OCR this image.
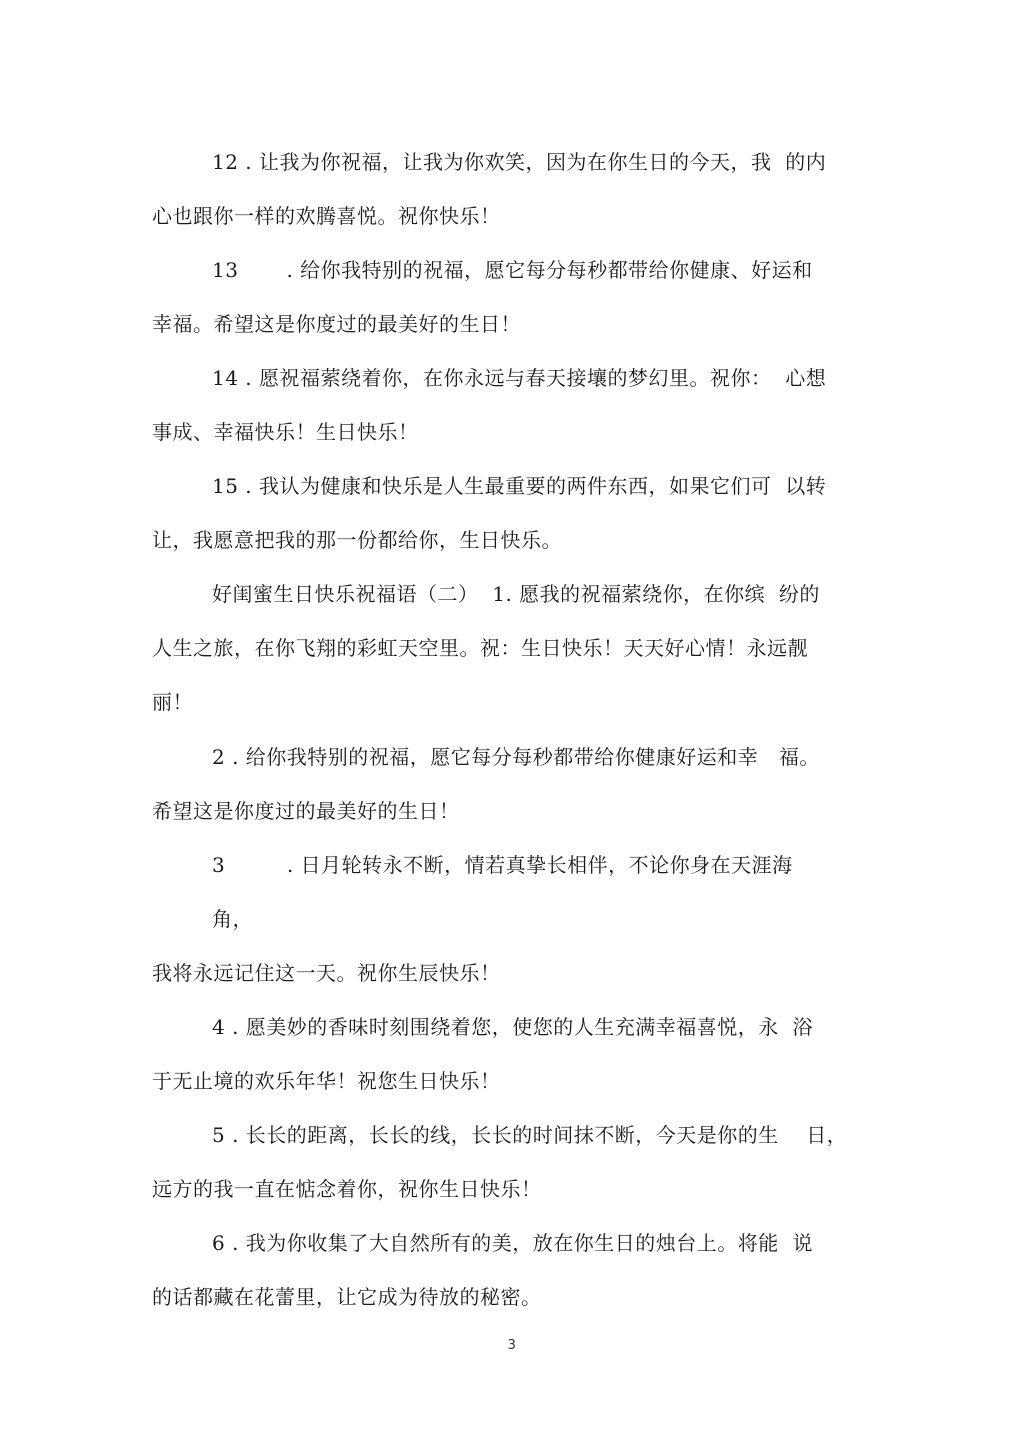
12 . 让我为你祝福，让我为你欢笑，因为在你生日的今天，我  的内
心也跟你一样的欢腾喜悦。祝你快乐！
13       . 给你我特别的祝福，愿它每分每秒都带给你健康、好运和
幸福。希望这是你度过的最美好的生日！
14 . 愿祝福萦绕着你，在你永远与春天接壤的梦幻里。祝你：  心想
事成、幸福快乐！生日快乐！
15 . 我认为健康和快乐是人生最重要的两件东西，如果它们可  以转
让，我愿意把我的那一份都给你，生日快乐。
好闺蜜生日快乐祝福语（二）  1. 愿我的祝福萦绕你，在你缤  纷的
人生之旅，在你飞翔的彩虹天空里。祝：生日快乐！天天好心情！永远靓
丽！
2 . 给你我特别的祝福，愿它每分每秒都带给你健康好运和幸   福。
希望这是你度过的最美好的生日！
3         . 日月轮转永不断，情若真挚长相伴，不论你身在天涯海
角，
我将永远记住这一天。祝你生辰快乐！
4 . 愿美妙的香味时刻围绕着您，使您的人生充满幸福喜悦，永  浴
于无止境的欢乐年华！祝您生日快乐！
5 . 长长的距离，长长的线，长长的时间抹不断，今天是你的生    日，
远方的我一直在惦念着你，祝你生日快乐！
6 . 我为你收集了大自然所有的美，放在你生日的烛台上。将能  说
的话都藏在花蕾里，让它成为待放的秘密。
3
